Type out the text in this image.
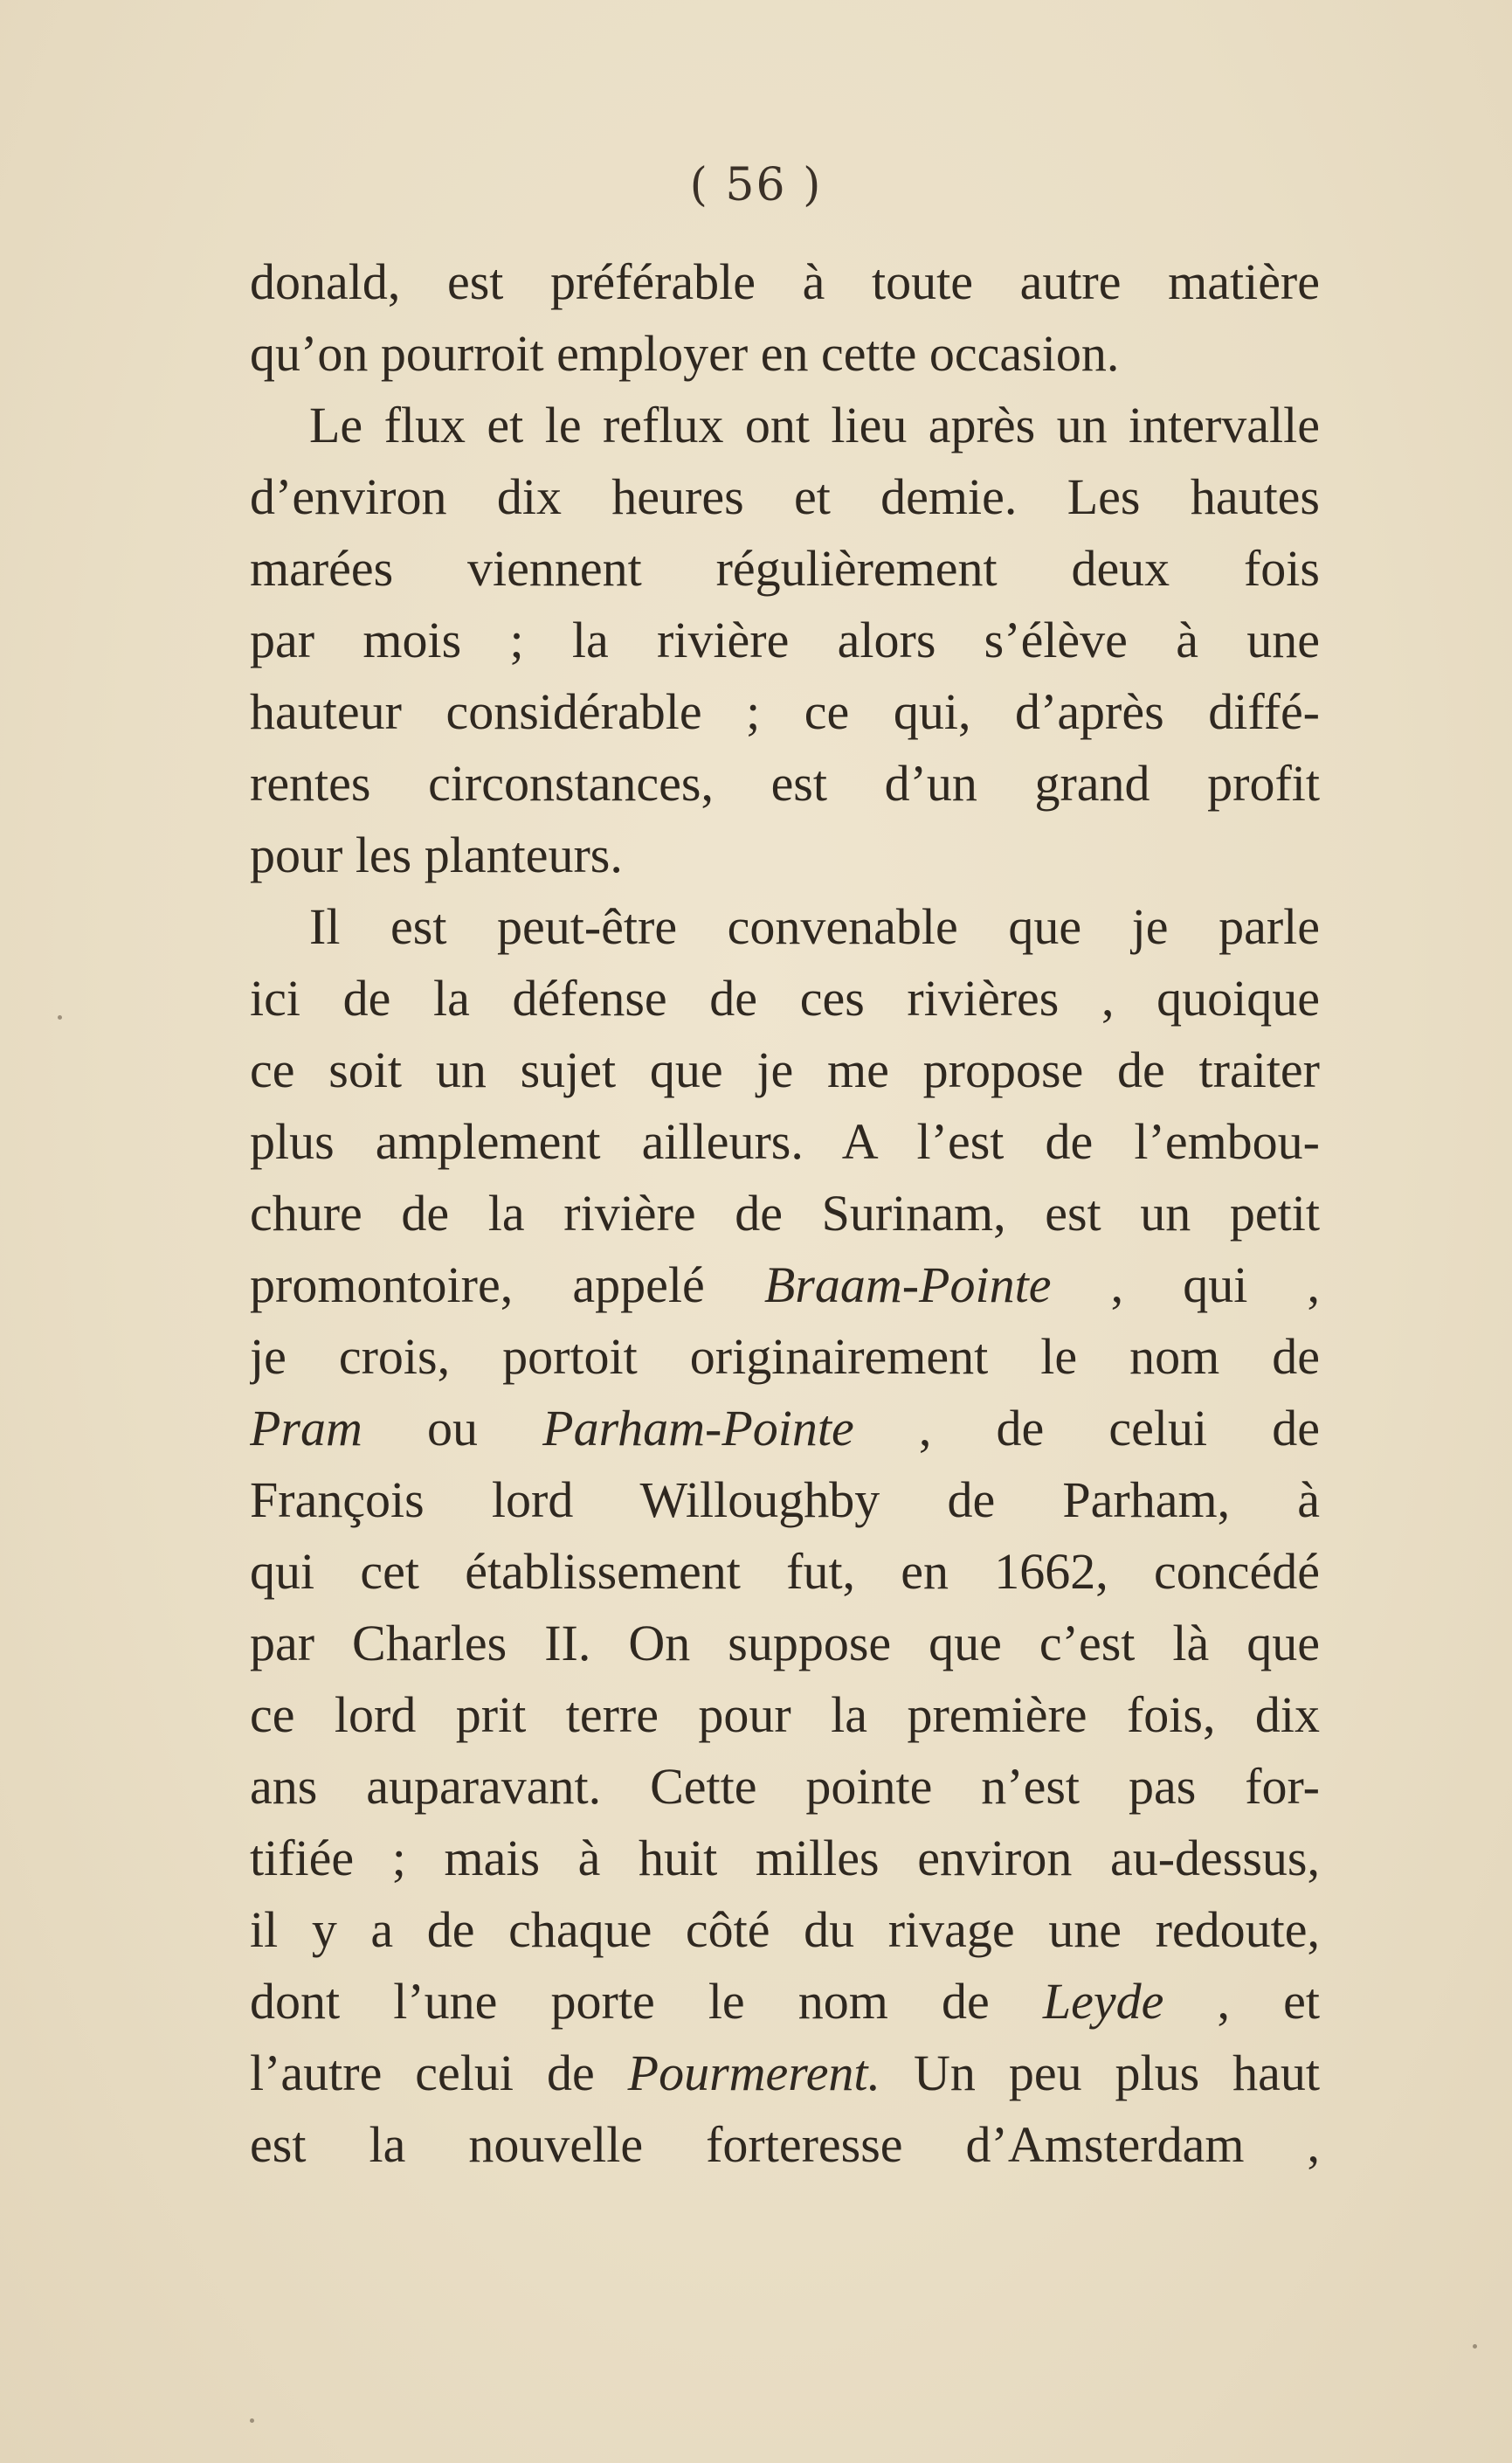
( 56 )
donald, est préférable à toute autre matière
qu’on pourroit employer en cette occasion.
Le flux et le reflux ont lieu après un intervalle
d’environ dix heures et demie. Les hautes
marées viennent régulièrement deux fois
par mois ; la rivière alors s’élève à une
hauteur considérable ; ce qui, d’après diffé-
rentes circonstances, est d’un grand profit
pour les planteurs.
Il est peut-être convenable que je parle
ici de la défense de ces rivières , quoique
ce soit un sujet que je me propose de traiter
plus amplement ailleurs. A l’est de l’embou-
chure de la rivière de Surinam, est un petit
promontoire, appelé Braam-Pointe , qui ,
je crois, portoit originairement le nom de
Pram ou Parham-Pointe , de celui de
François lord Willoughby de Parham, à
qui cet établissement fut, en 1662, concédé
par Charles II. On suppose que c’est là que
ce lord prit terre pour la première fois, dix
ans auparavant. Cette pointe n’est pas for-
tifiée ; mais à huit milles environ au-dessus,
il y a de chaque côté du rivage une redoute,
dont l’une porte le nom de Leyde , et
l’autre celui de Pourmerent. Un peu plus haut
est la nouvelle forteresse d’Amsterdam ,
